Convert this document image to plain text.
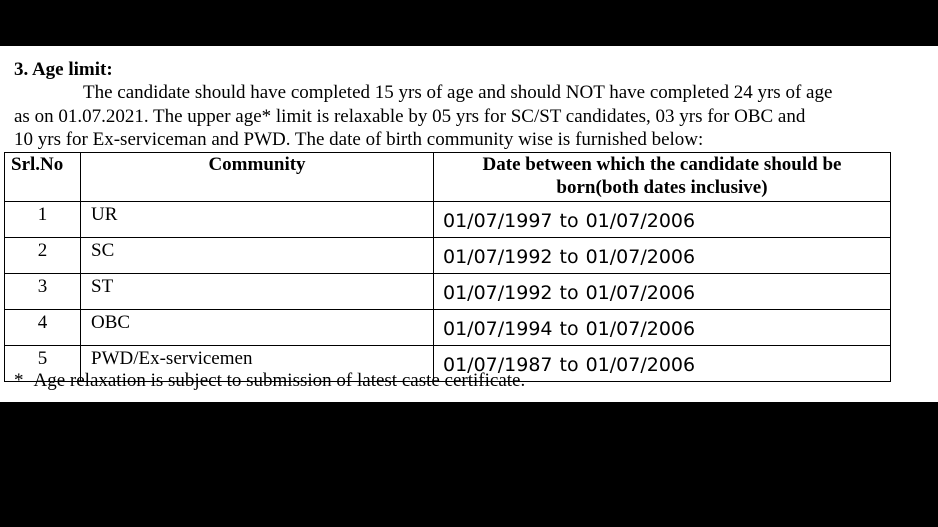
3. Age limit:
The candidate should have completed 15 yrs of age and should NOT have completed 24 yrs of age
as on 01.07.2021. The upper age* limit is relaxable by 05 yrs for SC/ST candidates, 03 yrs for OBC and
10 yrs for Ex-serviceman and PWD. The date of birth community wise is furnished below:
Srl.No	Community	Date between which the candidate should be
born(both dates inclusive)
1	UR	01/07/1997 to 01/07/2006
2	SC	01/07/1992 to 01/07/2006
3	ST	01/07/1992 to 01/07/2006
4	OBC	01/07/1994 to 01/07/2006
5	PWD/Ex-servicemen	01/07/1987 to 01/07/2006
* Age relaxation is subject to submission of latest caste certificate.
